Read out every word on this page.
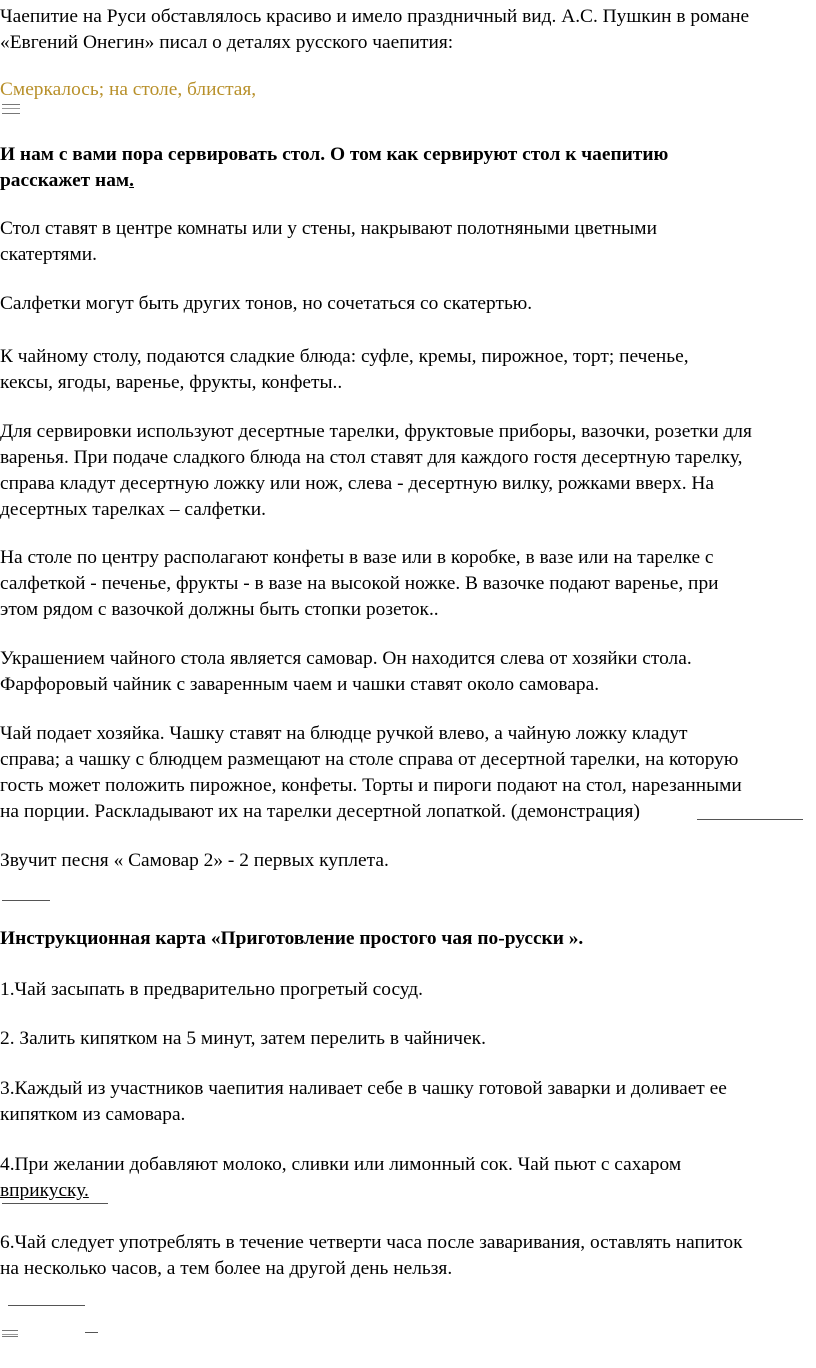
Чаепитие на Руси обставлялось красиво и имело праздничный вид. А.С. Пушкин в романе
«Евгений Онегин» писал о деталях русского чаепития:

Смеркалось; на столе, блистая,

И нам с вами пора сервировать стол. О том как сервируют стол к чаепитию
расскажет нам.

Стол ставят в центре комнаты или у стены, накрывают полотняными цветными
скатертями.

Салфетки могут быть других тонов, но сочетаться со скатертью.

К чайному столу, подаются сладкие блюда: суфле, кремы, пирожное, торт; печенье,
кексы, ягоды, варенье, фрукты, конфеты..

Для сервировки используют десертные тарелки, фруктовые приборы, вазочки, розетки для
варенья. При подаче сладкого блюда на стол ставят для каждого гостя десертную тарелку,
справа кладут десертную ложку или нож, слева - десертную вилку, рожками вверх. На
десертных тарелках – салфетки.

На столе по центру располагают конфеты в вазе или в коробке, в вазе или на тарелке с
салфеткой - печенье, фрукты - в вазе на высокой ножке. В вазочке подают варенье, при
этом рядом с вазочкой должны быть стопки розеток..

Украшением чайного стола является самовар. Он находится слева от хозяйки стола.
Фарфоровый чайник с заваренным чаем и чашки ставят около самовара.

Чай подает хозяйка. Чашку ставят на блюдце ручкой влево, а чайную ложку кладут
справа; а чашку с блюдцем размещают на столе справа от десертной тарелки, на которую
гость может положить пирожное, конфеты. Торты и пироги подают на стол, нарезанными
на порции. Раскладывают их на тарелки десертной лопаткой. (демонстрация)

Звучит песня « Самовар 2» - 2 первых куплета.

Инструкционная карта «Приготовление простого чая по-русски ».

1.Чай засыпать в предварительно прогретый сосуд.

2. Залить кипятком на 5 минут, затем перелить в чайничек.

3.Каждый из участников чаепития наливает себе в чашку готовой заварки и доливает ее
кипятком из самовара.

4.При желании добавляют молоко, сливки или лимонный сок. Чай пьют с сахаром
вприкуску.

6.Чай следует употреблять в течение четверти часа после заваривания, оставлять напиток
на несколько часов, а тем более на другой день нельзя.
